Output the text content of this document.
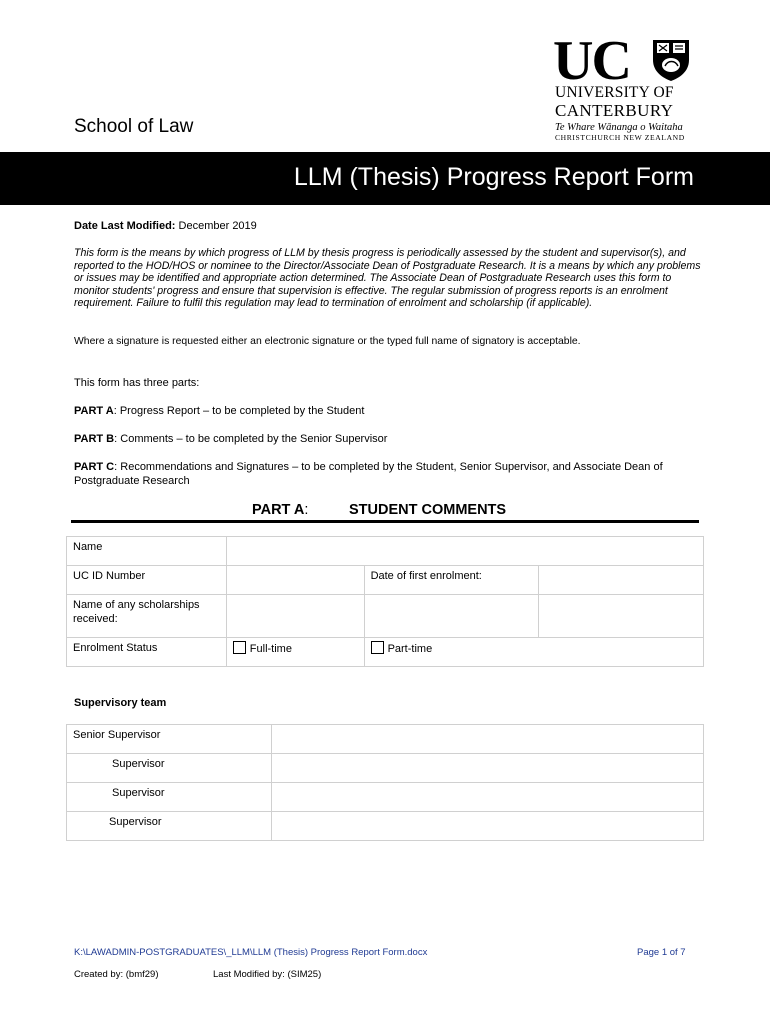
UC
UNIVERSITY OF
CANTERBURY
Te Whare Wānanga o Waitaha
CHRISTCHURCH NEW ZEALAND
School of Law
LLM (Thesis) Progress Report Form
Date Last Modified: December 2019
This form is the means by which progress of LLM by thesis progress is periodically assessed by the student and supervisor(s), and reported to the HOD/HOS or nominee to the Director/Associate Dean of Postgraduate Research. It is a means by which any problems or issues may be identified and appropriate action determined. The Associate Dean of Postgraduate Research uses this form to monitor students' progress and ensure that supervision is effective. The regular submission of progress reports is an enrolment requirement. Failure to fulfil this regulation may lead to termination of enrolment and scholarship (if applicable).
Where a signature is requested either an electronic signature or the typed full name of signatory is acceptable.
This form has three parts:
PART A: Progress Report – to be completed by the Student
PART B: Comments – to be completed by the Senior Supervisor
PART C: Recommendations and Signatures – to be completed by the Student, Senior Supervisor, and Associate Dean of Postgraduate Research
PART A:	STUDENT COMMENTS
Name			
UC ID Number		Date of first enrolment:	
Name of any scholarships received:			
Enrolment Status	Full-time	Part-time	
Supervisory team
Senior Supervisor	
Supervisor	
Supervisor	
Supervisor	
K:\LAWADMIN-POSTGRADUATES\_LLM\LLM (Thesis) Progress Report Form.docx	Page 1 of 7
Created by: (bmf29)	Last Modified by: (SIM25)
